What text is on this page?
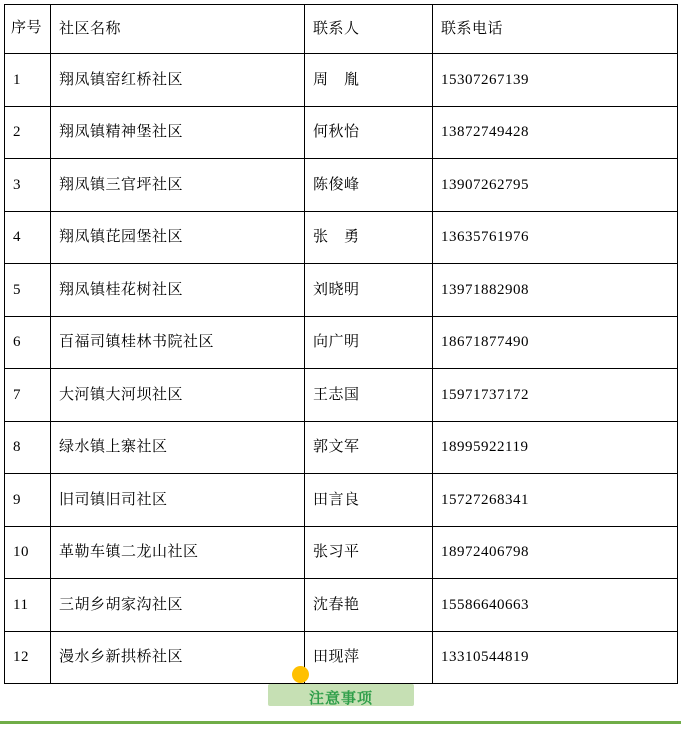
序号	社区名称	联系人	联系电话
1	翔凤镇窑红桥社区	周　胤	15307267139
2	翔凤镇精神堡社区	何秋怡	13872749428
3	翔凤镇三官坪社区	陈俊峰	13907262795
4	翔凤镇芘园堡社区	张　勇	13635761976
5	翔凤镇桂花树社区	刘晓明	13971882908
6	百福司镇桂林书院社区	向广明	18671877490
7	大河镇大河坝社区	王志国	15971737172
8	绿水镇上寨社区	郭文军	18995922119
9	旧司镇旧司社区	田言良	15727268341
10	革勒车镇二龙山社区	张习平	18972406798
11	三胡乡胡家沟社区	沈春艳	15586640663
12	漫水乡新拱桥社区	田现萍	13310544819
注意事项
